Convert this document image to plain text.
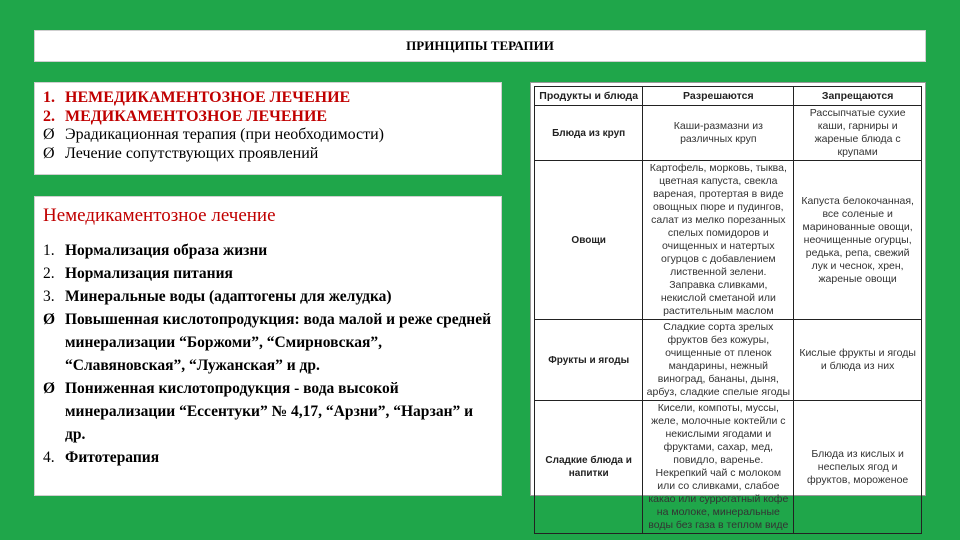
ПРИНЦИПЫ ТЕРАПИИ
1. НЕМЕДИКАМЕНТОЗНОЕ ЛЕЧЕНИЕ
2. МЕДИКАМЕНТОЗНОЕ ЛЕЧЕНИЕ
Ø Эрадикационная терапия (при необходимости)
Ø Лечение сопутствующих проявлений
Немедикаментозное лечение
1. Нормализация образа жизни
2. Нормализация питания
3. Минеральные воды (адаптогены для желудка)
Ø Повышенная кислотопродукция: вода малой и реже средней минерализации “Боржоми”, “Смирновская”, “Славяновская”, “Лужанская” и др.
Ø Пониженная кислотопродукция - вода высокой минерализации “Ессентуки” № 4,17, “Арзни”, “Нарзан” и др.
4. Фитотерапия
Продукты и блюда	Разрешаются	Запрещаются
Блюда из круп	Каши-размазни из различных круп	Рассыпчатые сухие каши, гарниры и жареные блюда с крупами
Овощи	Картофель, морковь, тыква, цветная капуста, свекла вареная, протертая в виде овощных пюре и пудингов, салат из мелко порезанных спелых помидоров и очищенных и натертых огурцов с добавлением лиственной зелени. Заправка сливками, некислой сметаной или растительным маслом	Капуста белокочанная, все соленые и маринованные овощи, неочищенные огурцы, редька, репа, свежий лук и чеснок, хрен, жареные овощи
Фрукты и ягоды	Сладкие сорта зрелых фруктов без кожуры, очищенные от пленок мандарины, нежный виноград, бананы, дыня, арбуз, сладкие спелые ягоды	Кислые фрукты и ягоды и блюда из них
Сладкие блюда и напитки	Кисели, компоты, муссы, желе, молочные коктейли с некислыми ягодами и фруктами, сахар, мед, повидло, варенье. Некрепкий чай с молоком или со сливками, слабое какао или суррогатный кофе на молоке, минеральные воды без газа в теплом виде	Блюда из кислых и неспелых ягод и фруктов, мороженое
